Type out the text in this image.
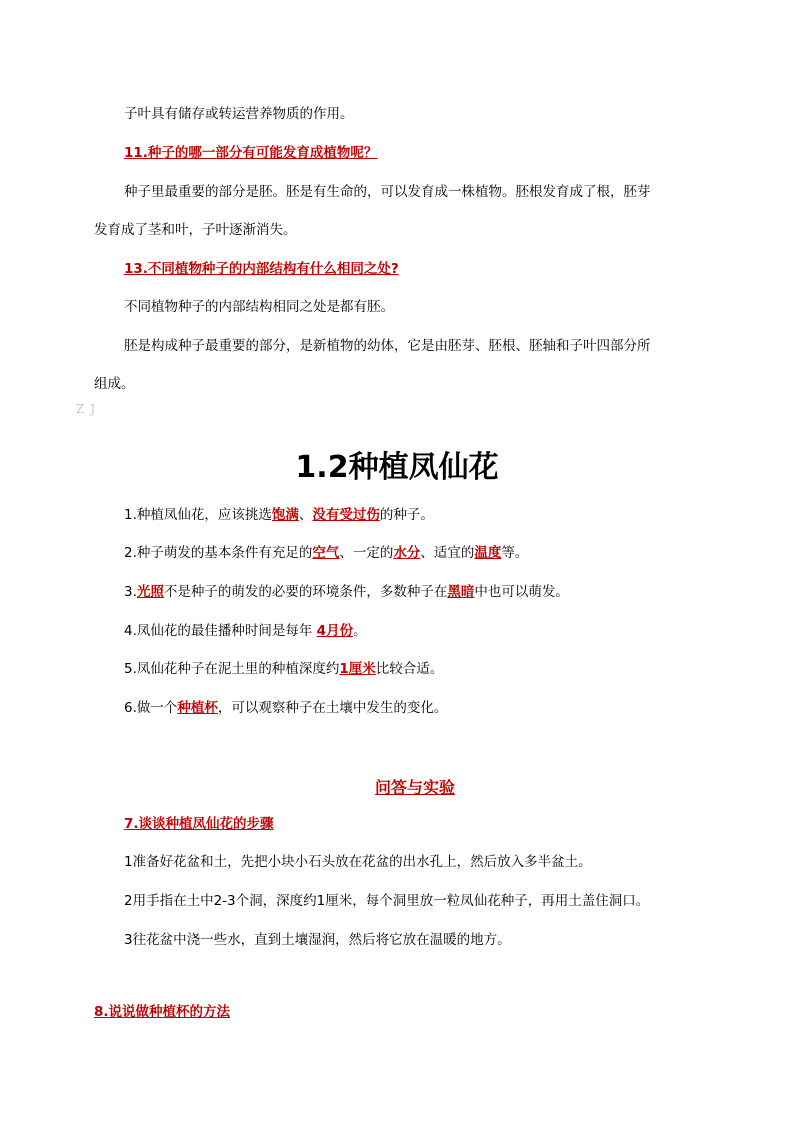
子叶具有储存或转运营养物质的作用。
11.种子的哪一部分有可能发育成植物呢？
种子里最重要的部分是胚。胚是有生命的，可以发育成一株植物。胚根发育成了根，胚芽
发育成了茎和叶，子叶逐渐消失。
13.不同植物种子的内部结构有什么相同之处?
不同植物种子的内部结构相同之处是都有胚。
胚是构成种子最重要的部分，是新植物的幼体，它是由胚芽、胚根、胚轴和子叶四部分所
组成。
ZJ
1.2种植凤仙花
1.种植凤仙花，应该挑选饱满、没有受过伤的种子。
2.种子萌发的基本条件有充足的空气、一定的水分、适宜的温度等。
3.光照不是种子的萌发的必要的环境条件，多数种子在黑暗中也可以萌发。
4.凤仙花的最佳播种时间是每年 4月份。
5.凤仙花种子在泥土里的种植深度约1厘米比较合适。
6.做一个种植杯，可以观察种子在土壤中发生的变化。
问答与实验
7.谈谈种植凤仙花的步骤
1准备好花盆和土，先把小块小石头放在花盆的出水孔上，然后放入多半盆土。
2用手指在土中2-3个洞，深度约1厘米，每个洞里放一粒凤仙花种子，再用土盖住洞口。
3往花盆中浇一些水，直到土壤湿润，然后将它放在温暖的地方。
8.说说做种植杯的方法
